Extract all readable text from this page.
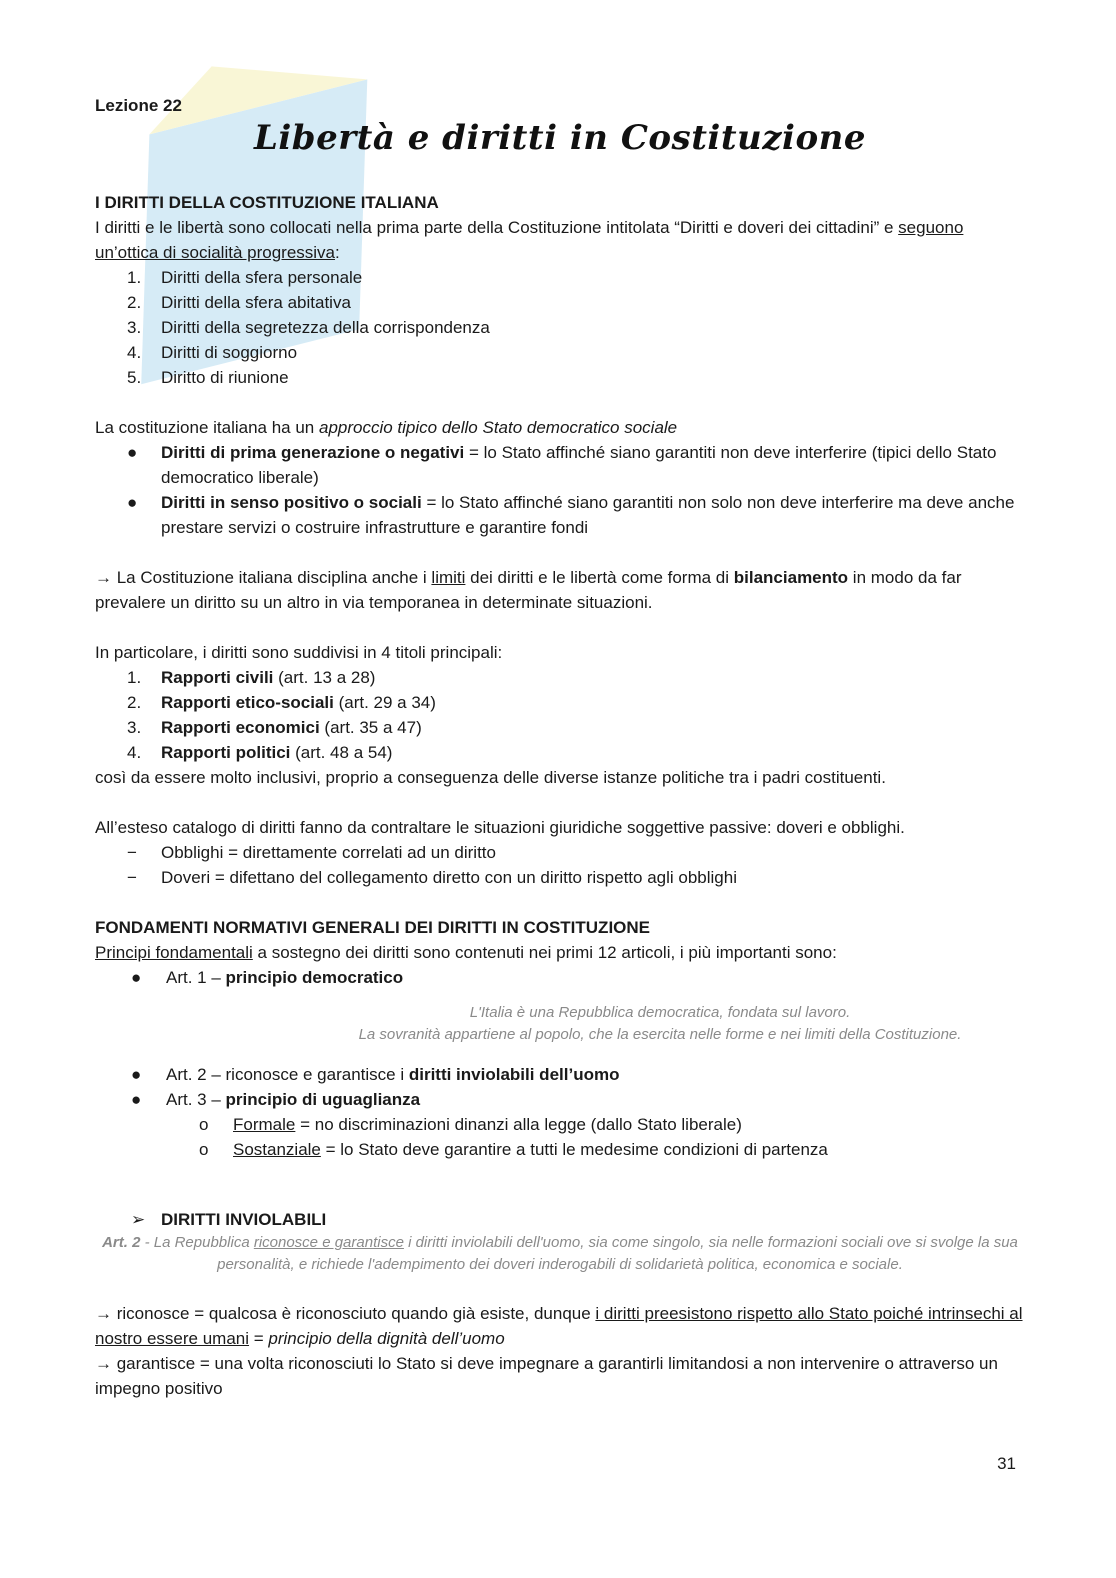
Lezione 22
Libertà e diritti in Costituzione

I DIRITTI DELLA COSTITUZIONE ITALIANA

I diritti e le libertà sono collocati nella prima parte della Costituzione intitolata “Diritti e doveri dei cittadini” e seguono un’ottica di socialità progressiva:

1.	Diritti della sfera personale
2.	Diritti della sfera abitativa
3.	Diritti della segretezza della corrispondenza
4.	Diritti di soggiorno
5.	Diritto di riunione

La costituzione italiana ha un approccio tipico dello Stato democratico sociale

●	Diritti di prima generazione o negativi = lo Stato affinché siano garantiti non deve interferire (tipici dello Stato democratico liberale)
●	Diritti in senso positivo o sociali = lo Stato affinché siano garantiti non solo non deve interferire ma deve anche prestare servizi o costruire infrastrutture e garantire fondi

→ La Costituzione italiana disciplina anche i limiti dei diritti e le libertà come forma di bilanciamento in modo da far prevalere un diritto su un altro in via temporanea in determinate situazioni.

In particolare, i diritti sono suddivisi in 4 titoli principali:

1.	Rapporti civili (art. 13 a 28)
2.	Rapporti etico-sociali (art. 29 a 34)
3.	Rapporti economici (art. 35 a 47)
4.	Rapporti politici (art. 48 a 54)

così da essere molto inclusivi, proprio a conseguenza delle diverse istanze politiche tra i padri costituenti.

All’esteso catalogo di diritti fanno da contraltare le situazioni giuridiche soggettive passive: doveri e obblighi.

−	Obblighi = direttamente correlati ad un diritto
−	Doveri = difettano del collegamento diretto con un diritto rispetto agli obblighi

FONDAMENTI NORMATIVI GENERALI DEI DIRITTI IN COSTITUZIONE

Principi fondamentali a sostegno dei diritti sono contenuti nei primi 12 articoli, i più importanti sono:

● Art. 1 – principio democratico

L'Italia è una Repubblica democratica, fondata sul lavoro.

La sovranità appartiene al popolo, che la esercita nelle forme e nei limiti della Costituzione.

● Art. 2 – riconosce e garantisce i diritti inviolabili dell’uomo
● Art. 3 – principio di uguaglianza
o Formale = no discriminazioni dinanzi alla legge (dallo Stato liberale)
o Sostanziale = lo Stato deve garantire a tutti le medesime condizioni di partenza

➢ DIRITTI INVIOLABILI

Art. 2 - La Repubblica riconosce e garantisce i diritti inviolabili dell'uomo, sia come singolo, sia nelle formazioni sociali ove si svolge la sua personalità, e richiede l'adempimento dei doveri inderogabili di solidarietà politica, economica e sociale.

→ riconosce = qualcosa è riconosciuto quando già esiste, dunque i diritti preesistono rispetto allo Stato poiché intrinsechi al nostro essere umani = principio della dignità dell’uomo

→ garantisce = una volta riconosciuti lo Stato si deve impegnare a garantirli limitandosi a non intervenire o attraverso un impegno positivo

31
